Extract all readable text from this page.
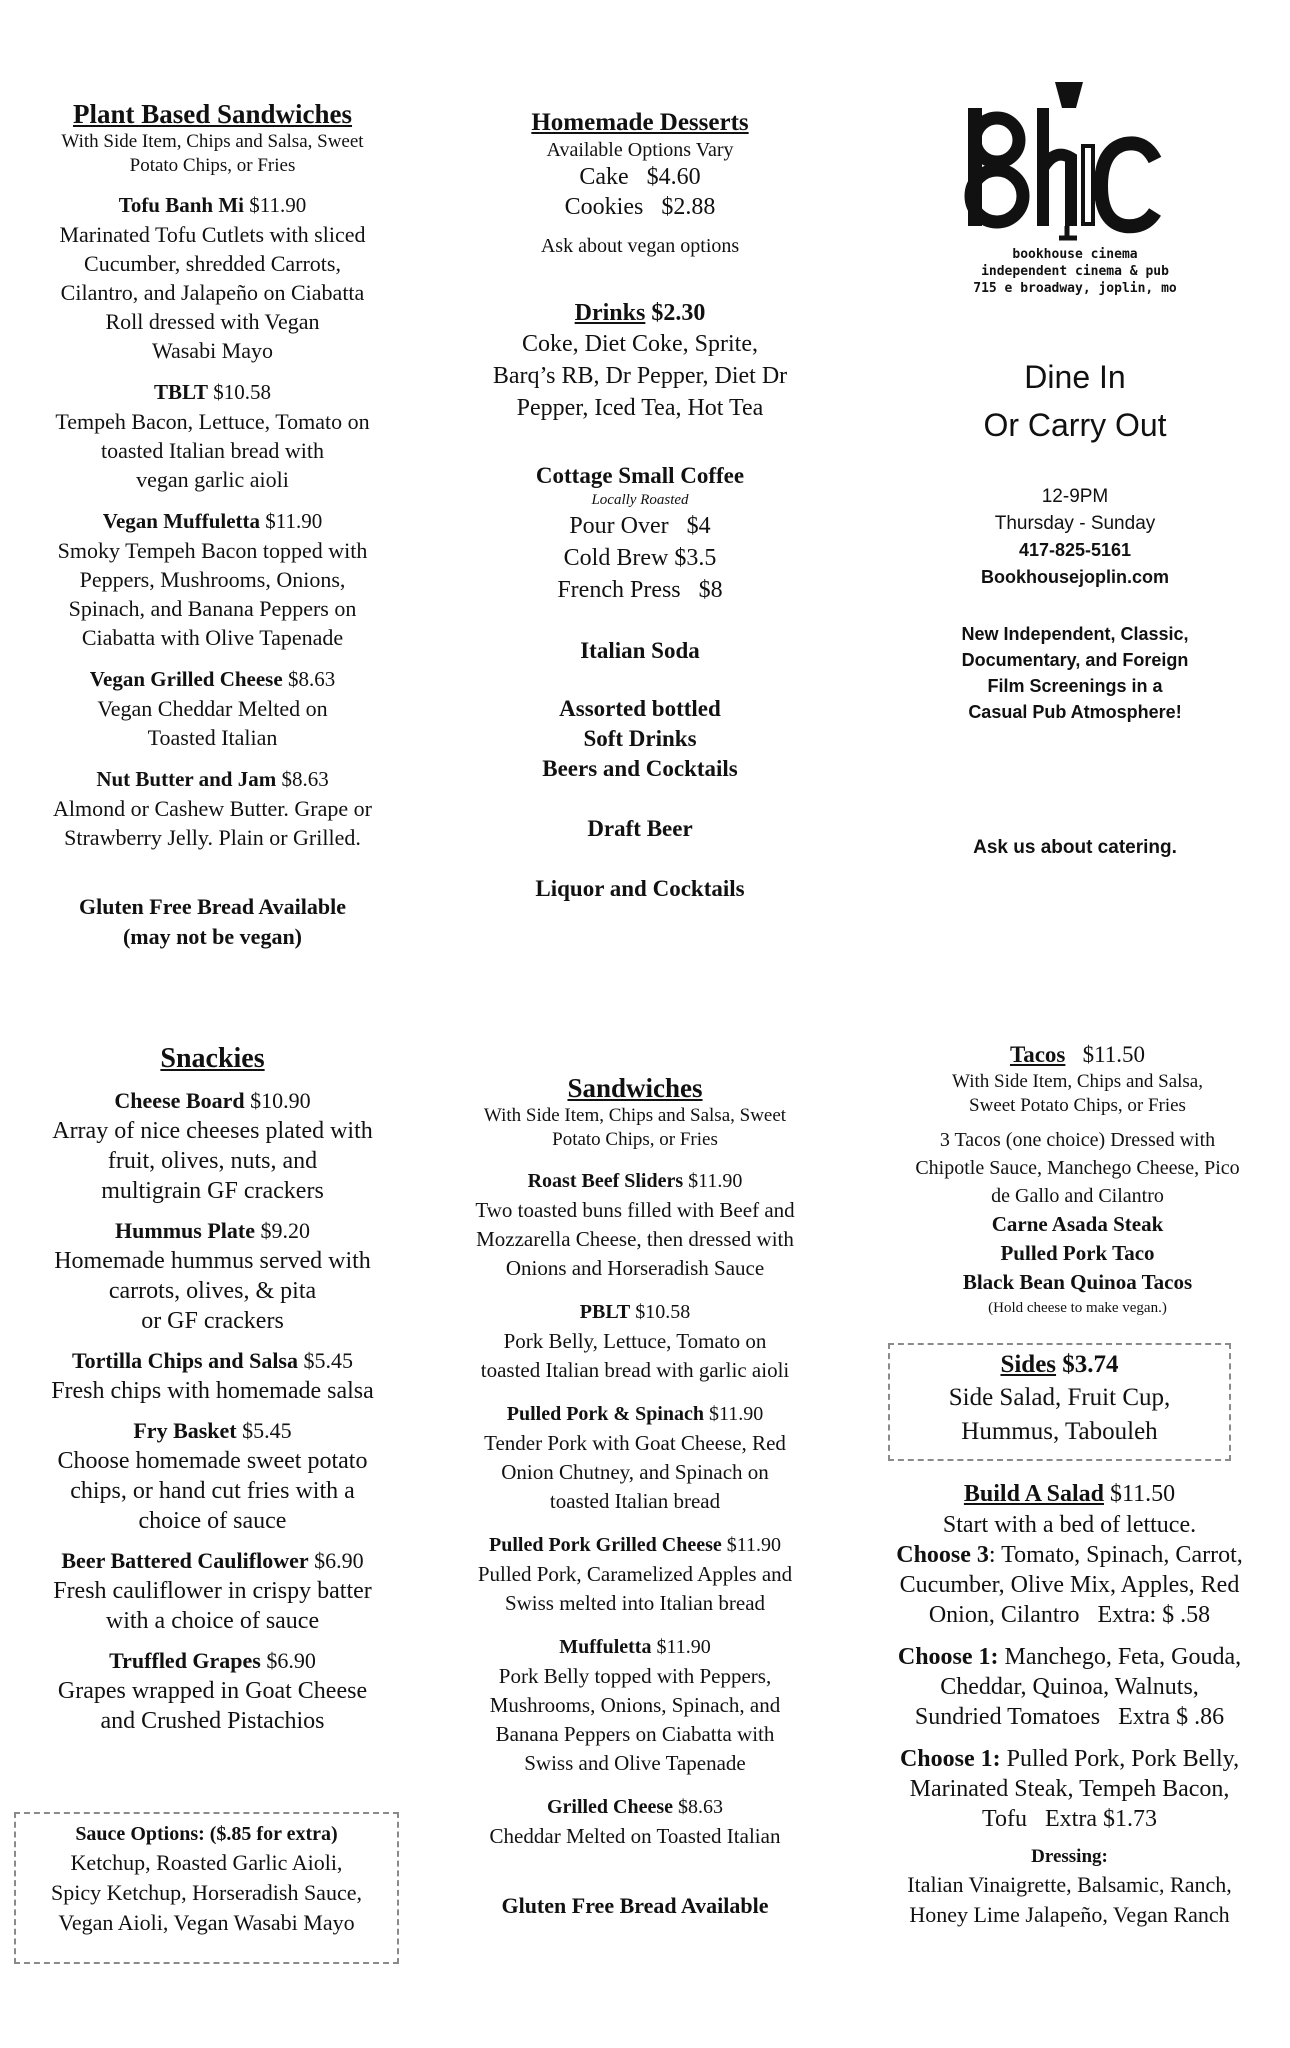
Plant Based Sandwiches
With Side Item, Chips and Salsa, Sweet
Potato Chips, or Fries
Tofu Banh Mi $11.90
Marinated Tofu Cutlets with sliced
Cucumber, shredded Carrots,
Cilantro, and Jalapeño on Ciabatta
Roll dressed with Vegan
Wasabi Mayo
TBLT $10.58
Tempeh Bacon, Lettuce, Tomato on
toasted Italian bread with
vegan garlic aioli
Vegan Muffuletta $11.90
Smoky Tempeh Bacon topped with
Peppers, Mushrooms, Onions,
Spinach, and Banana Peppers on
Ciabatta with Olive Tapenade
Vegan Grilled Cheese $8.63
Vegan Cheddar Melted on
Toasted Italian
Nut Butter and Jam $8.63
Almond or Cashew Butter. Grape or
Strawberry Jelly. Plain or Grilled.
Gluten Free Bread Available
(may not be vegan)
Homemade Desserts
Available Options Vary
Cake   $4.60
Cookies   $2.88
Ask about vegan options
Drinks $2.30
Coke, Diet Coke, Sprite,
Barq’s RB, Dr Pepper, Diet Dr
Pepper, Iced Tea, Hot Tea
Cottage Small Coffee
Locally Roasted
Pour Over   $4
Cold Brew $3.5
French Press   $8
Italian Soda
Assorted bottled
Soft Drinks
Beers and Cocktails
Draft Beer
Liquor and Cocktails
bookhouse cinema
independent cinema & pub
715 e broadway, joplin, mo
Dine In
Or Carry Out
12-9PM
Thursday - Sunday
417-825-5161
Bookhousejoplin.com
New Independent, Classic,
Documentary, and Foreign
Film Screenings in a
Casual Pub Atmosphere!
Ask us about catering.
Snackies
Cheese Board $10.90
Array of nice cheeses plated with
fruit, olives, nuts, and
multigrain GF crackers
Hummus Plate $9.20
Homemade hummus served with
carrots, olives, & pita
or GF crackers
Tortilla Chips and Salsa $5.45
Fresh chips with homemade salsa
Fry Basket $5.45
Choose homemade sweet potato
chips, or hand cut fries with a
choice of sauce
Beer Battered Cauliflower $6.90
Fresh cauliflower in crispy batter
with a choice of sauce
Truffled Grapes $6.90
Grapes wrapped in Goat Cheese
and Crushed Pistachios
Sauce Options: ($.85 for extra)
Ketchup, Roasted Garlic Aioli,
Spicy Ketchup, Horseradish Sauce,
Vegan Aioli, Vegan Wasabi Mayo
Sandwiches
With Side Item, Chips and Salsa, Sweet
Potato Chips, or Fries
Roast Beef Sliders $11.90
Two toasted buns filled with Beef and
Mozzarella Cheese, then dressed with
Onions and Horseradish Sauce
PBLT $10.58
Pork Belly, Lettuce, Tomato on
toasted Italian bread with garlic aioli
Pulled Pork & Spinach $11.90
Tender Pork with Goat Cheese, Red
Onion Chutney, and Spinach on
toasted Italian bread
Pulled Pork Grilled Cheese $11.90
Pulled Pork, Caramelized Apples and
Swiss melted into Italian bread
Muffuletta $11.90
Pork Belly topped with Peppers,
Mushrooms, Onions, Spinach, and
Banana Peppers on Ciabatta with
Swiss and Olive Tapenade
Grilled Cheese $8.63
Cheddar Melted on Toasted Italian
Gluten Free Bread Available
Tacos $11.50
With Side Item, Chips and Salsa,
Sweet Potato Chips, or Fries
3 Tacos (one choice) Dressed with
Chipotle Sauce, Manchego Cheese, Pico
de Gallo and Cilantro
Carne Asada Steak
Pulled Pork Taco
Black Bean Quinoa Tacos
(Hold cheese to make vegan.)
Sides $3.74
Side Salad, Fruit Cup,
Hummus, Tabouleh
Build A Salad $11.50
Start with a bed of lettuce.
Choose 3: Tomato, Spinach, Carrot,
Cucumber, Olive Mix, Apples, Red
Onion, Cilantro   Extra: $ .58
Choose 1: Manchego, Feta, Gouda,
Cheddar, Quinoa, Walnuts,
Sundried Tomatoes   Extra $ .86
Choose 1: Pulled Pork, Pork Belly,
Marinated Steak, Tempeh Bacon,
Tofu   Extra $1.73
Dressing:
Italian Vinaigrette, Balsamic, Ranch,
Honey Lime Jalapeño, Vegan Ranch
